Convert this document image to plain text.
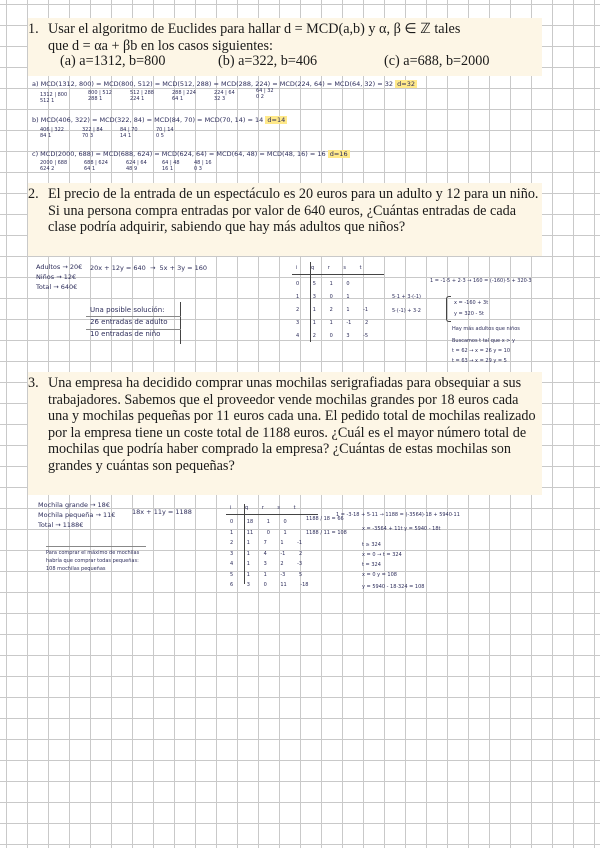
1. Usar el algoritmo de Euclides para hallar d = MCD(a,b) y α, β ∈ ℤ tales
que d = αa + βb en los casos siguientes:

(a) a=1312, b=800	(b) a=322, b=406	(c) a=688, b=2000
a) MCD(1312, 800) = MCD(800, 512) = MCD(512, 288) = MCD(288, 224) = MCD(224, 64) = MCD(64, 32) = 32 d=32
1312 | 800
512 1
800 | 512
288 1
512 | 288
224 1
288 | 224
64 1
224 | 64
32 3
64 | 32
0 2
b) MCD(406, 322) = MCD(322, 84) = MCD(84, 70) = MCD(70, 14) = 14 d=14
406 | 322
84 1
322 | 84
70 3
84 | 70
14 1
70 | 14
0 5
c) MCD(2000, 688) = MCD(688, 624) = MCD(624, 64) = MCD(64, 48) = MCD(48, 16) = 16 d=16
2000 | 688
624 2
688 | 624
64 1
624 | 64
48 9
64 | 48
16 1
48 | 16
0 3

2. El precio de la entrada de un espectáculo es 20 euros para un adulto y 12 para un niño. Si una persona compra entradas por valor de 640 euros, ¿Cuántas entradas de cada clase podría adquirir, sabiendo que hay más adultos que niños?

Adultos → 20€
Niños → 12€
Total → 640€
20x + 12y = 640  →  5x + 3y = 160
Una posible solución:
26 entradas de adulto
10 entradas de niño
i	q	r	s	t
0	5	1	0
1	3	0	1
2	1	2	1	-1
3	1	1	-1	2
4	2	0	3	-5
5·1 + 3·(-1)
5·(-1) + 3·2
1 = -1·5 + 2·3 → 160 = (-160)·5 + 320·3
x = -160 + 3t
y = 320 - 5t
Hay más adultos que niños
Buscamos t tal que x > y
t = 62 → x = 26 y = 10
t = 63 → x = 29 y = 5

3. Una empresa ha decidido comprar unas mochilas serigrafiadas para obsequiar a sus trabajadores. Sabemos que el proveedor vende mochilas grandes por 18 euros cada una y mochilas pequeñas por 11 euros cada una. El pedido total de mochilas realizado por la empresa tiene un coste total de 1188 euros. ¿Cuál es el mayor número total de mochilas que podría haber comprado la empresa? ¿Cuántas de estas mochilas son grandes y cuántas son pequeñas?

Mochila grande → 18€
Mochila pequeña → 11€
Total → 1188€
18x + 11y = 1188
Para comprar el máximo de mochilas habría que comprar todas pequeñas: 108 mochilas pequeñas
i	q	r	s	t
0	18	1	0
1	11	0	1
2	1	7	1	-1
3	1	4	-1	2
4	1	3	2	-3
5	1	1	-3	5
6	3	0	11	-18
1188 / 18 = 66
1188 / 11 = 108
1 = -3·18 + 5·11 → 1188 = (-3564)·18 + 5940·11
x = -3564 + 11t y = 5940 - 18t
t ≥ 324
x = 0 → t = 324
t = 324
x = 0 y = 108
y = 5940 - 18·324 = 108
